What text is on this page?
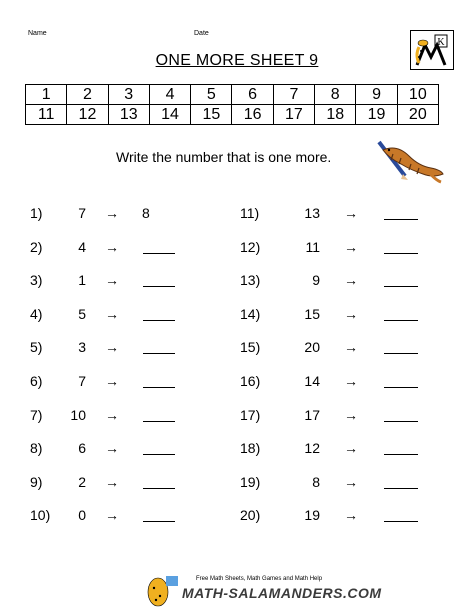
Name	Date
K
ONE MORE SHEET 9
1	2	3	4	5	6	7	8	9	10
11	12	13	14	15	16	17	18	19	20
Write the number that is one more.
1)	7 → 8
2)	4 →
3)	1 →
4)	5 →
5)	3 →
6)	7 →
7)	10 →
8)	6 →
9)	2 →
10)	0 →
11)	13 →
12)	11 →
13)	9 →
14)	15 →
15)	20 →
16)	14 →
17)	17 →
18)	12 →
19)	8 →
20)	19 →
Free Math Sheets, Math Games and Math Help
MATH-SALAMANDERS.COM
